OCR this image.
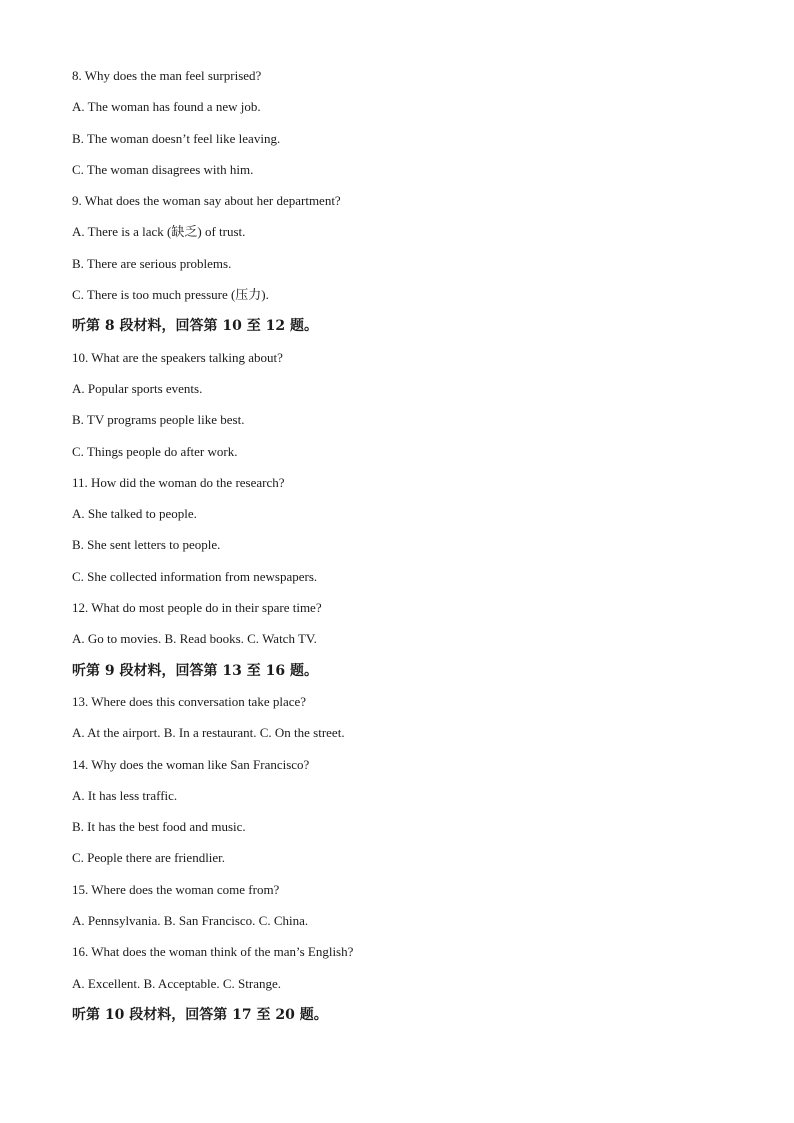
8. Why does the man feel surprised?
A. The woman has found a new job.
B. The woman doesn’t feel like leaving.
C. The woman disagrees with him.
9. What does the woman say about her department?
A. There is a lack (缺乏) of trust.
B. There are serious problems.
C. There is too much pressure (压力).
听第 8 段材料，回答第 10 至 12 题。
10. What are the speakers talking about?
A. Popular sports events.
B. TV programs people like best.
C. Things people do after work.
11. How did the woman do the research?
A. She talked to people.
B. She sent letters to people.
C. She collected information from newspapers.
12. What do most people do in their spare time?
A. Go to movies. B. Read books. C. Watch TV.
听第 9 段材料，回答第 13 至 16 题。
13. Where does this conversation take place?
A. At the airport. B. In a restaurant. C. On the street.
14. Why does the woman like San Francisco?
A. It has less traffic.
B. It has the best food and music.
C. People there are friendlier.
15. Where does the woman come from?
A. Pennsylvania. B. San Francisco. C. China.
16. What does the woman think of the man’s English?
A. Excellent. B. Acceptable. C. Strange.
听第 10 段材料，回答第 17 至 20 题。
